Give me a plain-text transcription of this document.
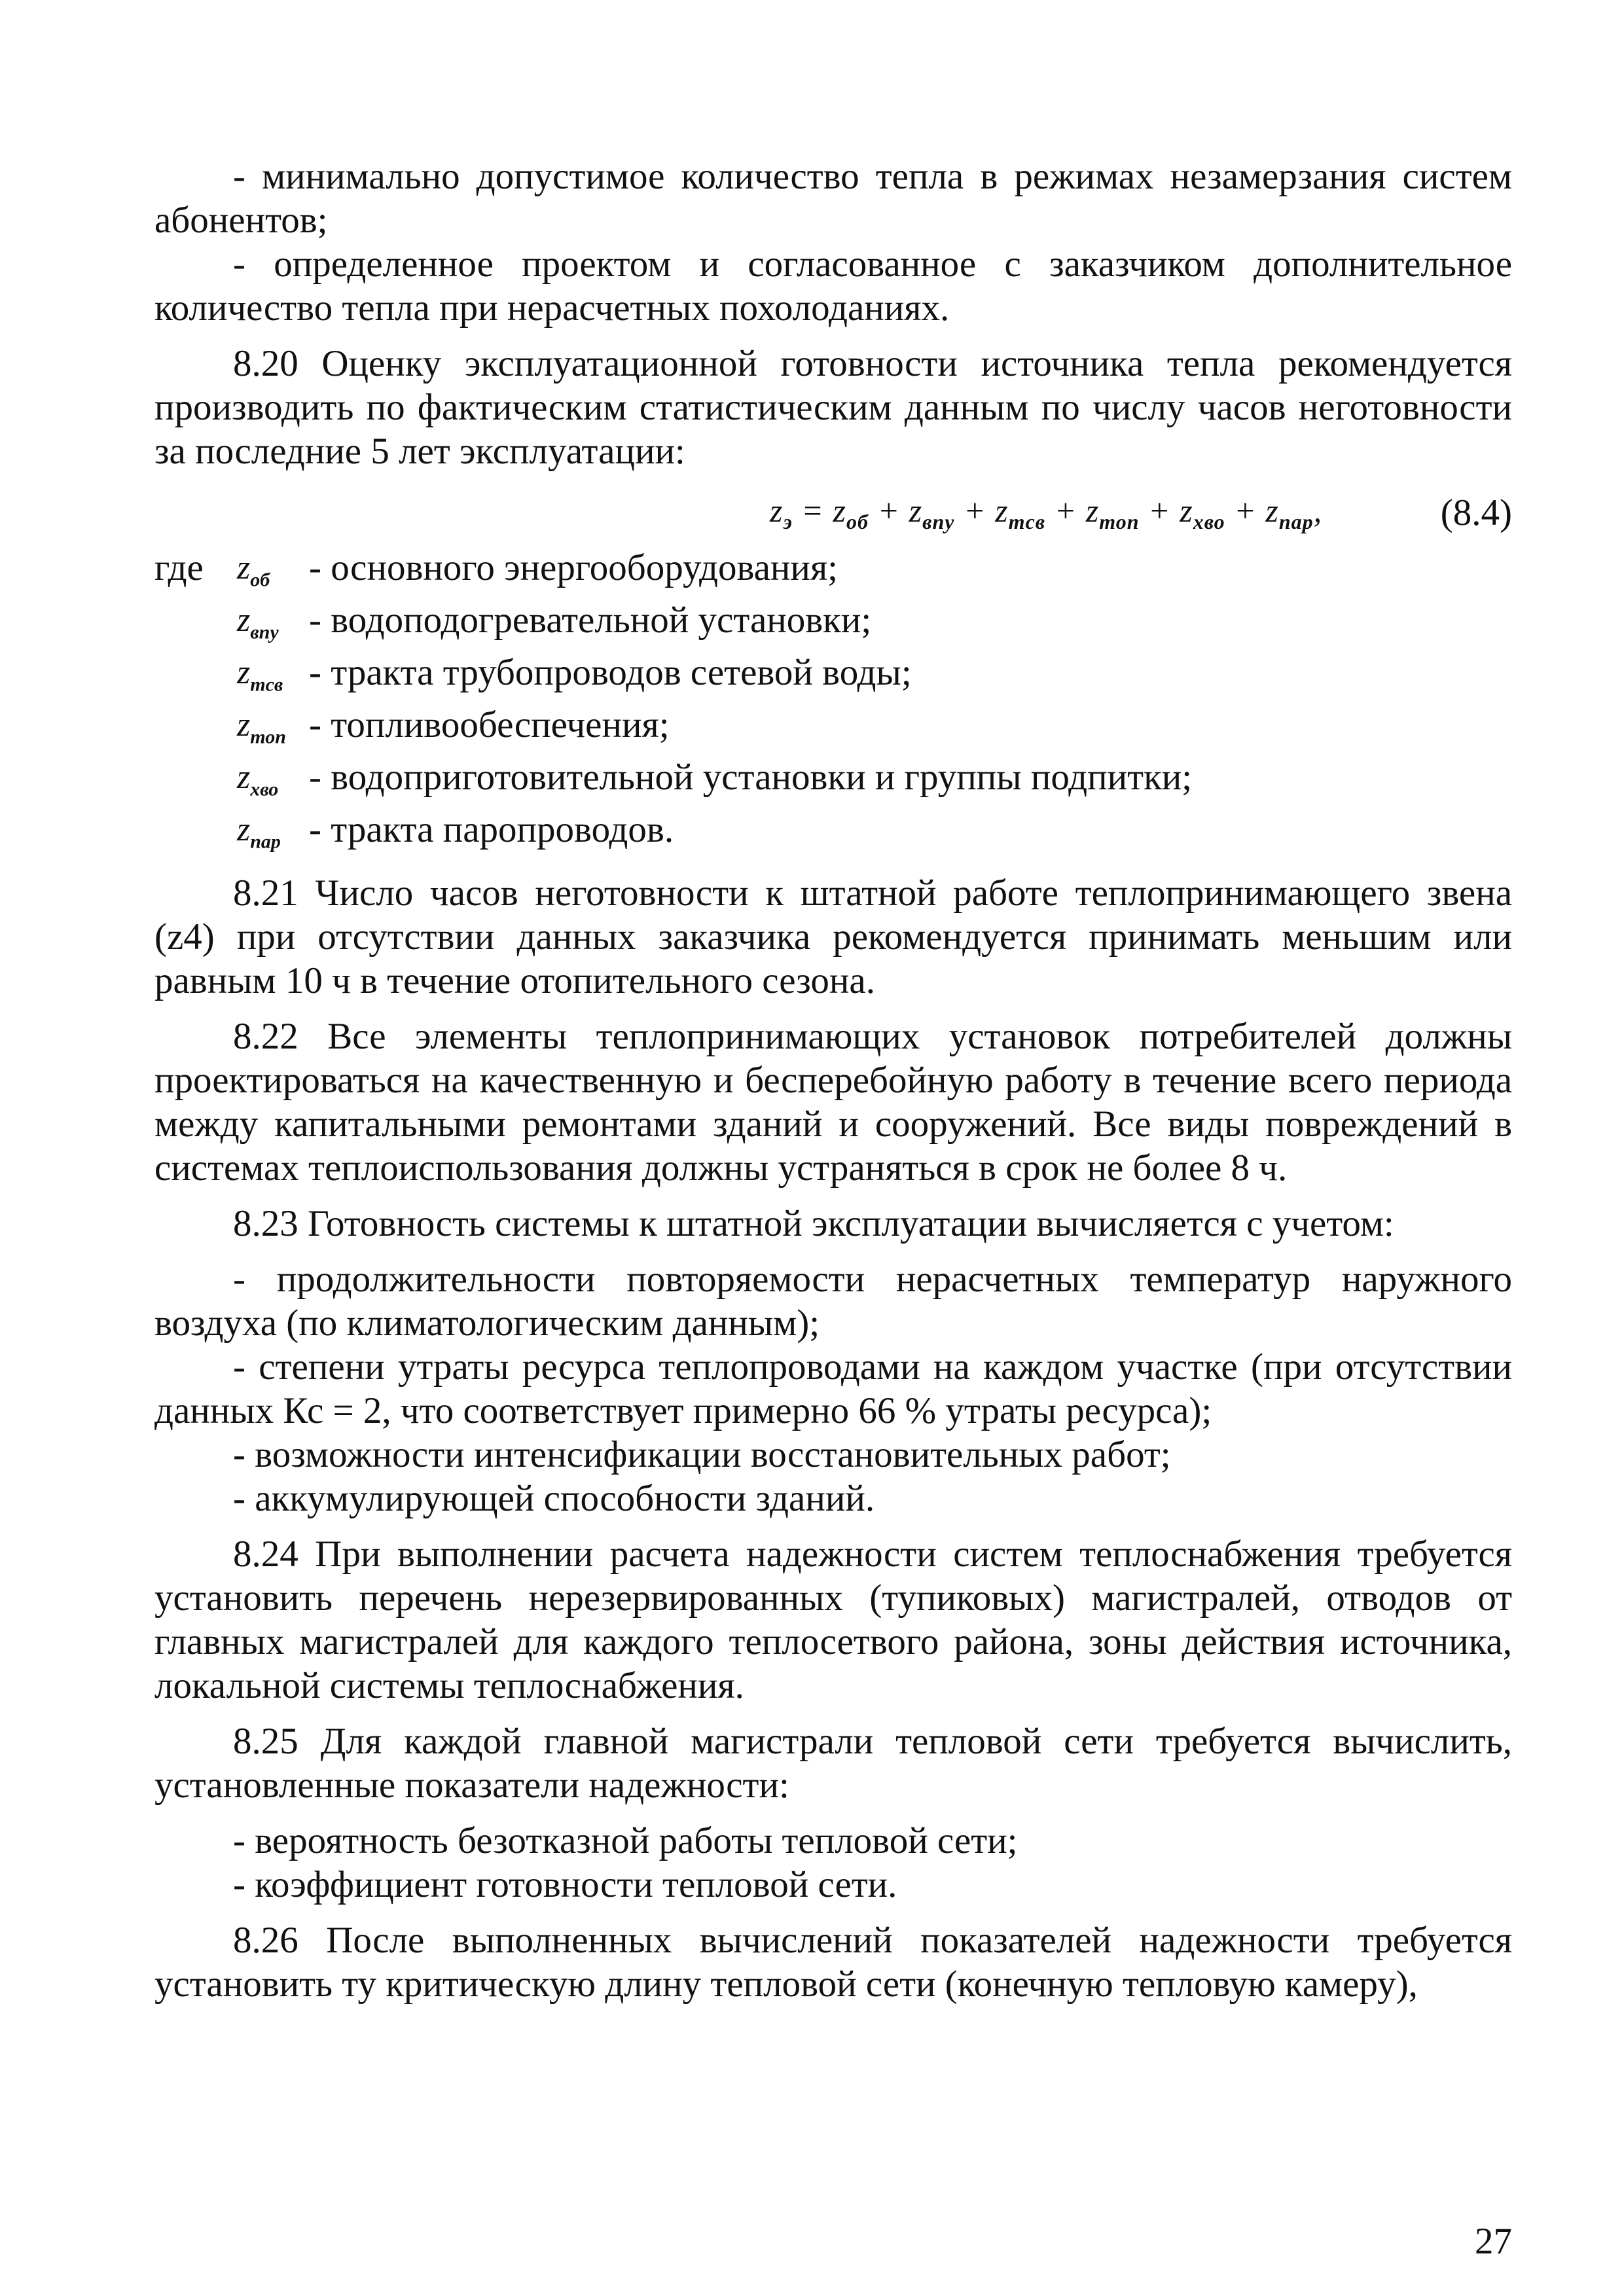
- минимально допустимое количество тепла в режимах незамерзания систем абонентов;

- определенное проектом и согласованное с заказчиком дополнительное количество тепла при нерасчетных похолоданиях.

8.20 Оценку эксплуатационной готовности источника тепла рекомендуется производить по фактическим статистическим данным по числу часов неготовности за последние 5 лет эксплуатации:

$z_э = z_{об} + z_{впу} + z_{тсв} + z_{топ} + z_{хво} + z_{пар}$,	(8.4)
где $z_{об}$ - основного энергооборудования;
$z_{впу}$ - водоподогревательной установки;
$z_{тсв}$ - тракта трубопроводов сетевой воды;
$z_{топ}$ - топливообеспечения;
$z_{хво}$ - водоприготовительной установки и группы подпитки;
$z_{пар}$ - тракта паропроводов.

8.21 Число часов неготовности к штатной работе теплопринимающего звена (z4) при отсутствии данных заказчика рекомендуется принимать меньшим или равным 10 ч в течение отопительного сезона.

8.22 Все элементы теплопринимающих установок потребителей должны проектироваться на качественную и бесперебойную работу в течение всего периода между капитальными ремонтами зданий и сооружений. Все виды повреждений в системах теплоиспользования должны устраняться в срок не более 8 ч.

8.23 Готовность системы к штатной эксплуатации вычисляется с учетом:

- продолжительности повторяемости нерасчетных температур наружного воздуха (по климатологическим данным);

- степени утраты ресурса теплопроводами на каждом участке (при отсутствии данных Кс = 2, что соответствует примерно 66 % утраты ресурса);

- возможности интенсификации восстановительных работ;

- аккумулирующей способности зданий.

8.24 При выполнении расчета надежности систем теплоснабжения требуется установить перечень нерезервированных (тупиковых) магистралей, отводов от главных магистралей для каждого теплосетвого района, зоны действия источника, локальной системы теплоснабжения.

8.25 Для каждой главной магистрали тепловой сети требуется вычислить, установленные показатели надежности:

- вероятность безотказной работы тепловой сети;

- коэффициент готовности тепловой сети.

8.26 После выполненных вычислений показателей надежности требуется установить ту критическую длину тепловой сети (конечную тепловую камеру),

27
